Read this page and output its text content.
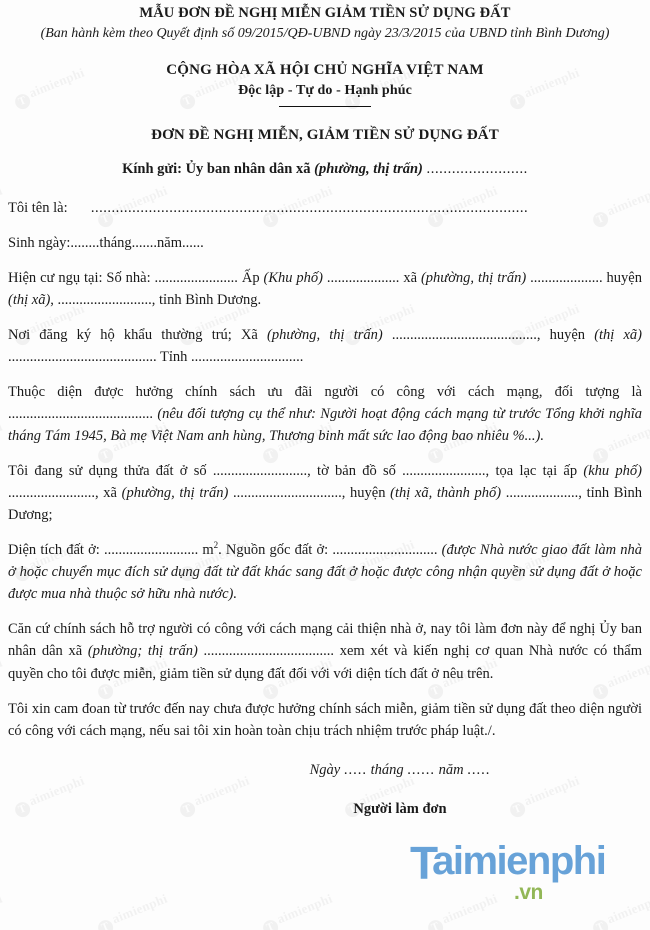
MẪU ĐƠN ĐỀ NGHỊ MIỄN GIẢM TIỀN SỬ DỤNG ĐẤT
(Ban hành kèm theo Quyết định số 09/2015/QĐ-UBND ngày 23/3/2015 của UBND tỉnh Bình Dương)
CỘNG HÒA XÃ HỘI CHỦ NGHĨA VIỆT NAM
Độc lập - Tự do - Hạnh phúc
ĐƠN ĐỀ NGHỊ MIỄN, GIẢM TIỀN SỬ DỤNG ĐẤT
Kính gửi: Ủy ban nhân dân xã (phường, thị trấn) ........................

Tôi tên là: ..........................................................................................................

Sinh ngày:........tháng.......năm......

Hiện cư ngụ tại: Số nhà: ....................... Ấp (Khu phố) .................... xã (phường, thị trấn) .................... huyện (thị xã), .........................., tỉnh Bình Dương.

Nơi đăng ký hộ khẩu thường trú; Xã (phường, thị trấn) ........................................, huyện (thị xã) ......................................... Tỉnh ...............................

Thuộc diện được hưởng chính sách ưu đãi người có công với cách mạng, đối tượng là ........................................ (nêu đối tượng cụ thể như: Người hoạt động cách mạng từ trước Tổng khởi nghĩa tháng Tám 1945, Bà mẹ Việt Nam anh hùng, Thương binh mất sức lao động bao nhiêu %...).

Tôi đang sử dụng thửa đất ở số .........................., tờ bản đồ số ......................., tọa lạc tại ấp (khu phố) ........................, xã (phường, thị trấn) .............................., huyện (thị xã, thành phố) ...................., tỉnh Bình Dương;

Diện tích đất ở: .......................... $m^2$. Nguồn gốc đất ở: ............................. (được Nhà nước giao đất làm nhà ở hoặc chuyển mục đích sử dụng đất từ đất khác sang đất ở hoặc được công nhận quyền sử dụng đất ở hoặc được mua nhà thuộc sở hữu nhà nước).

Căn cứ chính sách hỗ trợ người có công với cách mạng cải thiện nhà ở, nay tôi làm đơn này để nghị Ủy ban nhân dân xã (phường; thị trấn) .................................... xem xét và kiến nghị cơ quan Nhà nước có thẩm quyền cho tôi được miễn, giảm tiền sử dụng đất đối với với diện tích đất ở nêu trên.

Tôi xin cam đoan từ trước đến nay chưa được hưởng chính sách miễn, giảm tiền sử dụng đất theo diện người có công với cách mạng, nếu sai tôi xin hoàn toàn chịu trách nhiệm trước pháp luật./.

Ngày ..... tháng ...... năm .....
Người làm đơn
T
aimienphi
.vn
